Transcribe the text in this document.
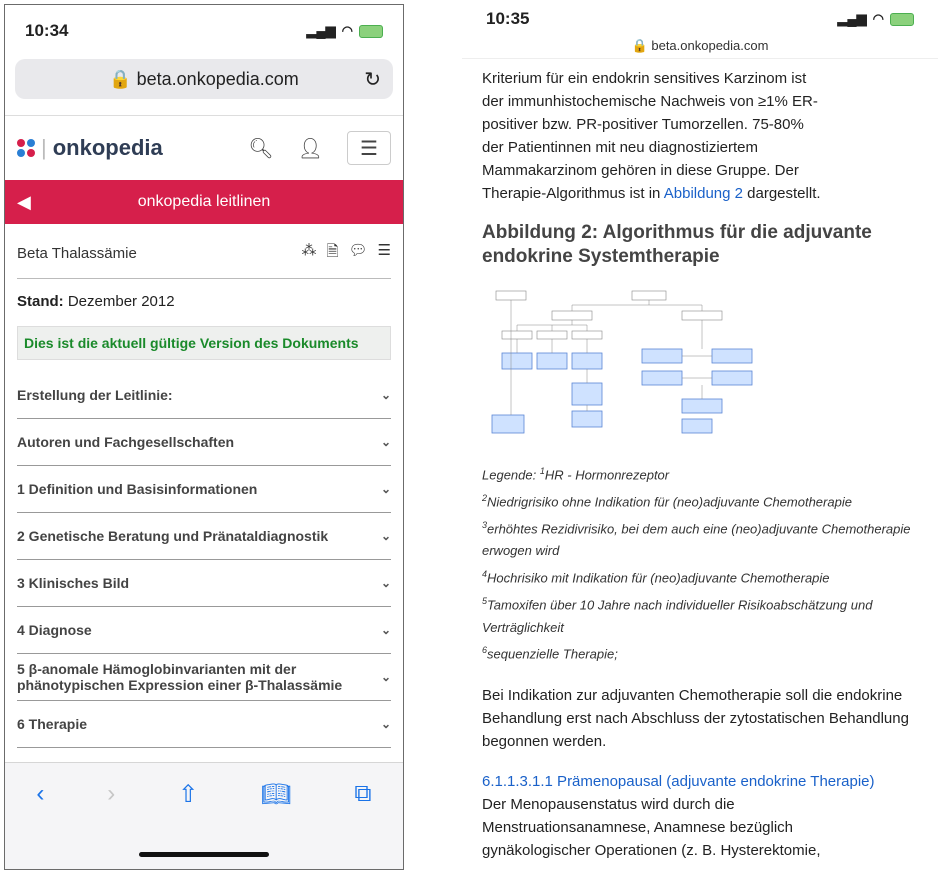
10:34	▂▄▆ ◠
🔒 beta.onkopedia.com	↻
| onkopedia	🔍︎ 👤︎	☰
◀	onkopedia leitlinen
Beta Thalassämie	⁂ 🗎 💬︎ ☰
Stand: Dezember 2012
Dies ist die aktuell gültige Version des Dokuments
Erstellung der Leitlinie:	⌄
Autoren und Fachgesellschaften	⌄
1 Definition und Basisinformationen	⌄
2 Genetische Beratung und Pränataldiagnostik	⌄
3 Klinisches Bild	⌄
4 Diagnose	⌄
5 β-anomale Hämoglobinvarianten mit der phänotypischen Expression einer β-Thalassämie	⌄
6 Therapie	⌄
‹	›	⇧	📖︎	⧉
10:35	▂▄▆ ◠
🔒 beta.onkopedia.com
Kriterium für ein endokrin sensitives Karzinom ist
der immunhistochemische Nachweis von ≥1% ER-
positiver bzw. PR-positiver Tumorzellen. 75-80%
der Patientinnen mit neu diagnostiziertem
Mammakarzinom gehören in diese Gruppe. Der
Therapie-Algorithmus ist in Abbildung 2 dargestellt.
Abbildung 2: Algorithmus für die adjuvante endokrine Systemtherapie
Legende: $^1$HR - Hormonrezeptor
$^2$Niedrigrisiko ohne Indikation für (neo)adjuvante Chemotherapie
$^3$erhöhtes Rezidivrisiko, bei dem auch eine (neo)adjuvante Chemotherapie erwogen wird
$^4$Hochrisiko mit Indikation für (neo)adjuvante Chemotherapie
$^5$Tamoxifen über 10 Jahre nach individueller Risikoabschätzung und Verträglichkeit
$^6$sequenzielle Therapie;
Bei Indikation zur adjuvanten Chemotherapie soll die endokrine Behandlung erst nach Abschluss der zytostatischen Behandlung begonnen werden.
6.1.1.3.1.1 Prämenopausal (adjuvante endokrine Therapie)
Der Menopausenstatus wird durch die
Menstruationsanamnese, Anamnese bezüglich
gynäkologischer Operationen (z. B. Hysterektomie,
